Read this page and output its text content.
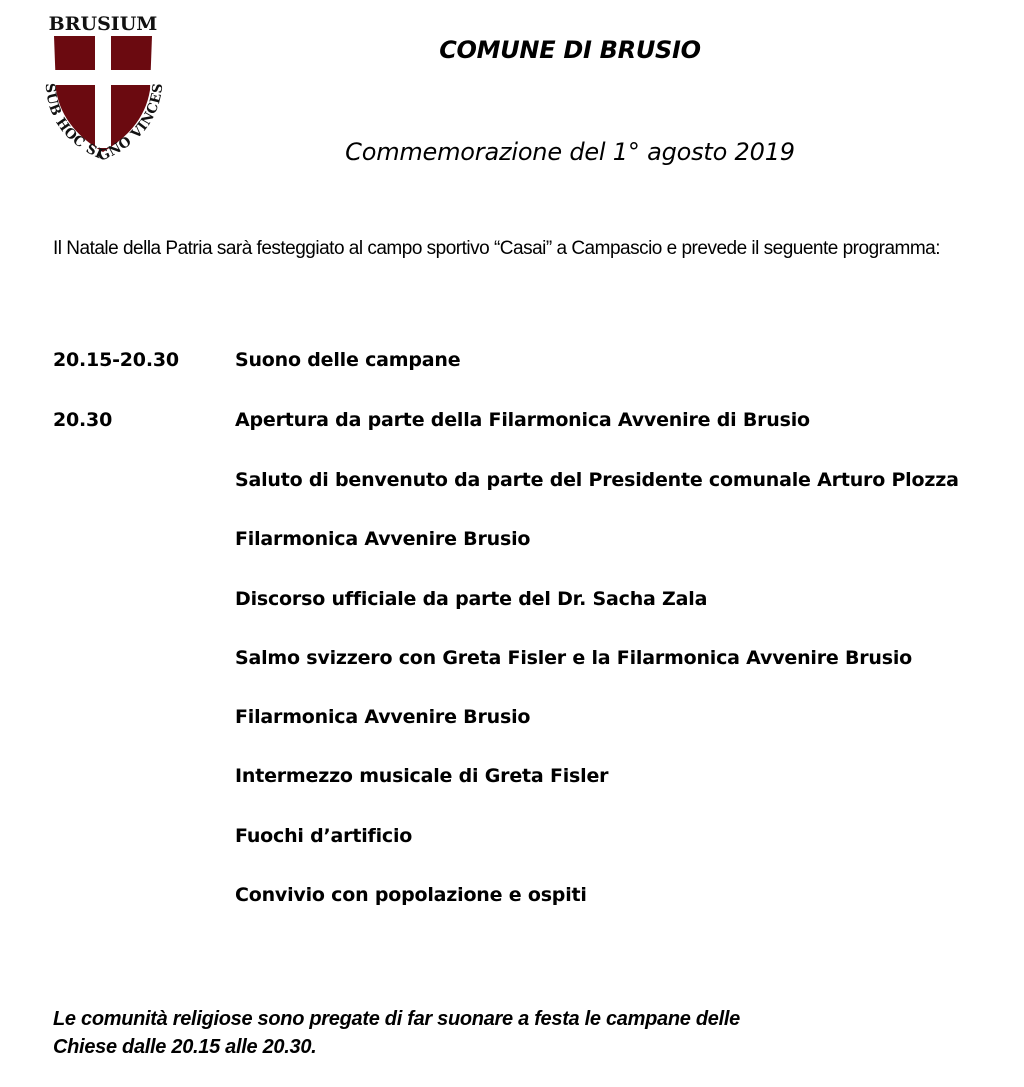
BRUSIUM
SUB HOC SIGNO VINCES
COMUNE DI BRUSIO
Commemorazione del 1° agosto 2019
Il Natale della Patria sarà festeggiato al campo sportivo “Casai” a Campascio e prevede il seguente programma:
20.15-20.30	Suono delle campane
20.30	Apertura da parte della Filarmonica Avvenire di Brusio
Saluto di benvenuto da parte del Presidente comunale Arturo Plozza
Filarmonica Avvenire Brusio
Discorso ufficiale da parte del Dr. Sacha Zala
Salmo svizzero con Greta Fisler e la Filarmonica Avvenire Brusio
Filarmonica Avvenire Brusio
Intermezzo musicale di Greta Fisler
Fuochi d’artificio
Convivio con popolazione e ospiti
Le comunità religiose sono pregate di far suonare a festa le campane delle
Chiese dalle 20.15 alle 20.30.
